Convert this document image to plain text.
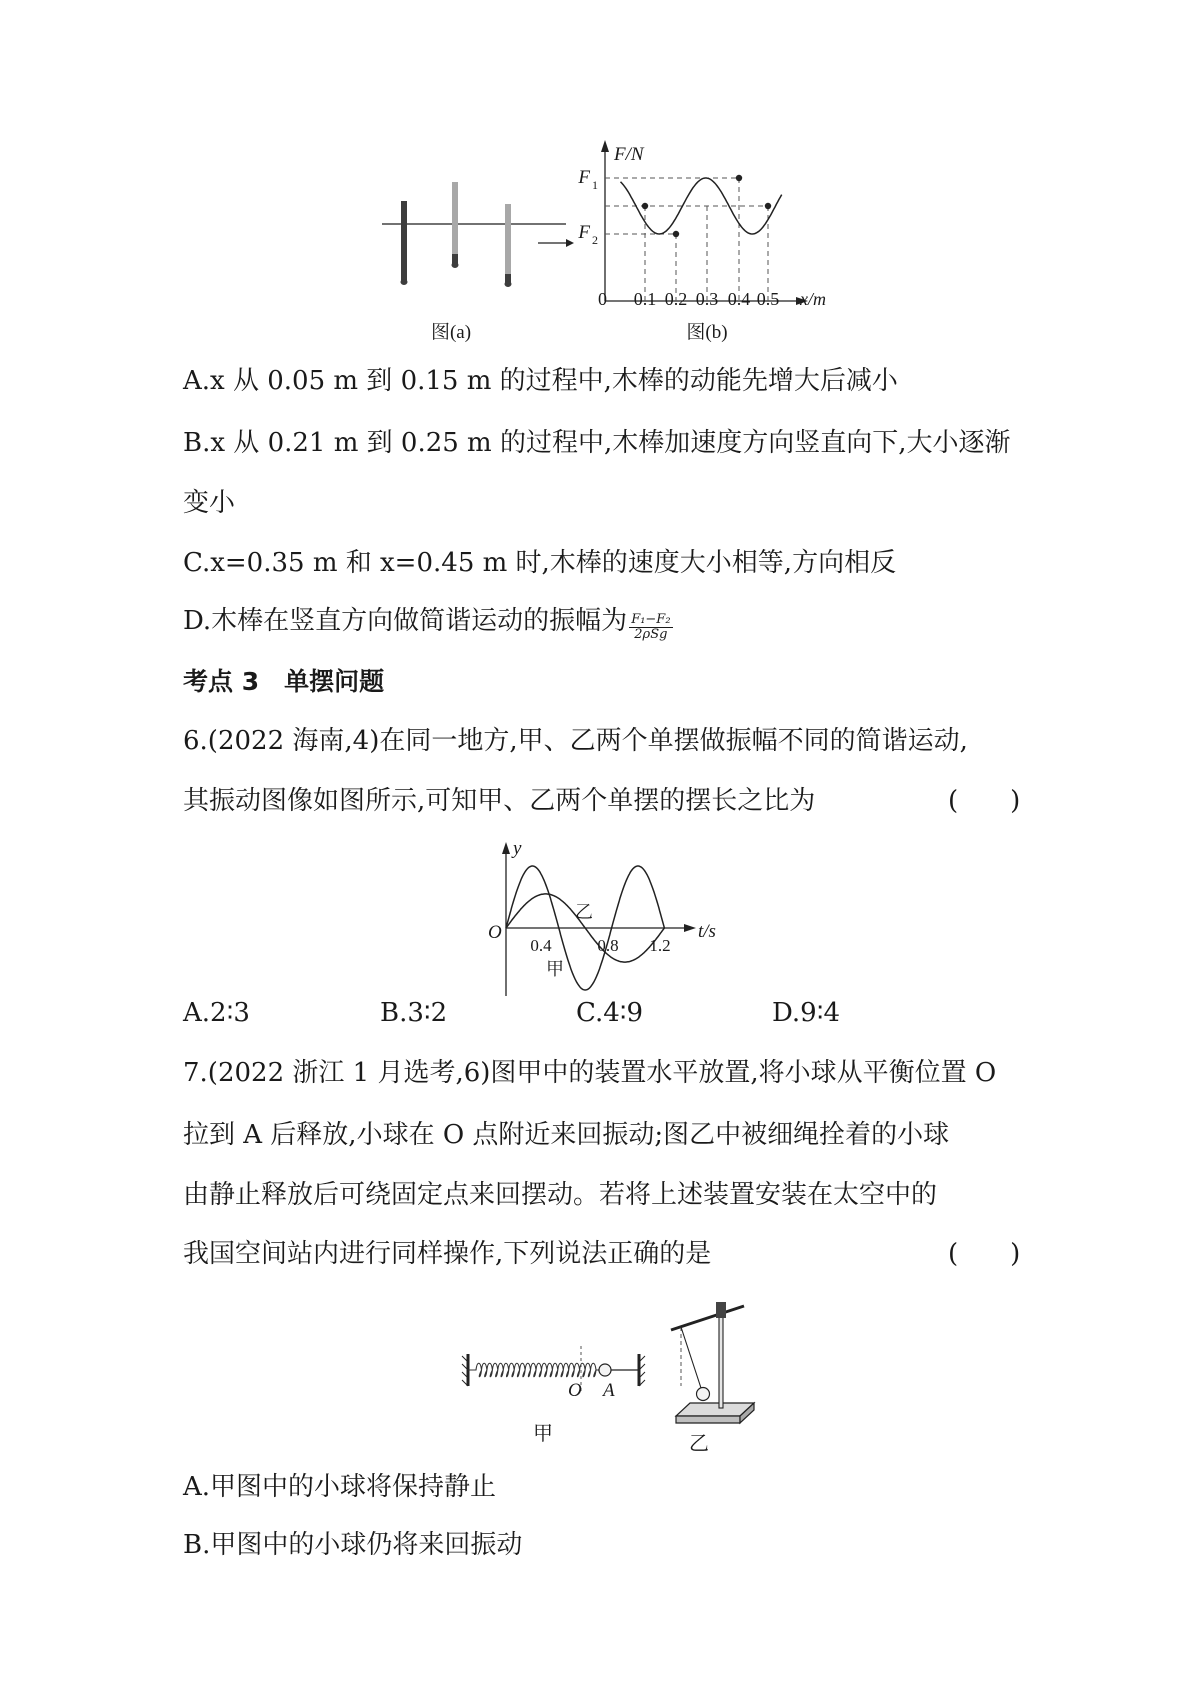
图(a)
F/N
F 1
F 2
0 0.1 0.2 0.3 0.4 0.5 x/m
图(b)
A.x 从 0.05 m 到 0.15 m 的过程中,木棒的动能先增大后减小
B.x 从 0.21 m 到 0.25 m 的过程中,木棒加速度方向竖直向下,大小逐渐
变小
C.x=0.35 m 和 x=0.45 m 时,木棒的速度大小相等,方向相反
D.木棒在竖直方向做简谐运动的振幅为 $\frac{\text{F₁−F₂}}{\text{2ρSg}}$
考点 3　单摆问题
6.(2022 海南,4)在同一地方,甲、乙两个单摆做振幅不同的简谐运动,
其振动图像如图所示,可知甲、乙两个单摆的摆长之比为	(　　)
y
O
0.4	0.8 1.2
t/s
乙
甲
A.2∶3	B.3∶2	C.4∶9	D.9∶4
7.(2022 浙江 1 月选考,6)图甲中的装置水平放置,将小球从平衡位置 O
拉到 A 后释放,小球在 O 点附近来回振动;图乙中被细绳拴着的小球
由静止释放后可绕固定点来回摆动。若将上述装置安装在太空中的
我国空间站内进行同样操作,下列说法正确的是	(　　)
O A
甲	乙
A.甲图中的小球将保持静止
B.甲图中的小球仍将来回振动
